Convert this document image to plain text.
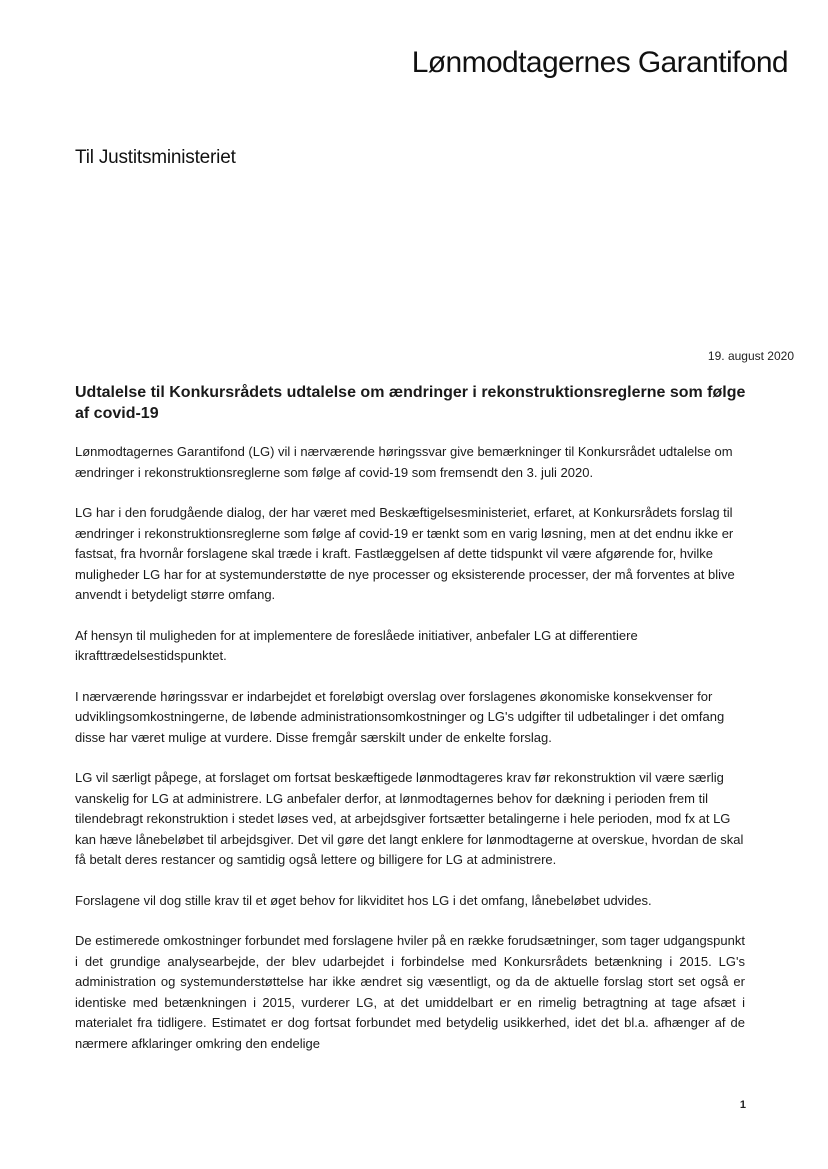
Lønmodtagernes Garantifond
Til Justitsministeriet
19. august 2020
Udtalelse til Konkursrådets udtalelse om ændringer i rekonstruktionsreglerne som følge af covid-19

Lønmodtagernes Garantifond (LG) vil i nærværende høringssvar give bemærkninger til Konkursrådet udtalelse om ændringer i rekonstruktionsreglerne som følge af covid-19 som fremsendt den 3. juli 2020.

LG har i den forudgående dialog, der har været med Beskæftigelsesministeriet, erfaret, at Konkursrådets forslag til ændringer i rekonstruktionsreglerne som følge af covid-19 er tænkt som en varig løsning, men at det endnu ikke er fastsat, fra hvornår forslagene skal træde i kraft. Fastlæggelsen af dette tidspunkt vil være afgørende for, hvilke muligheder LG har for at systemunderstøtte de nye processer og eksisterende processer, der må forventes at blive anvendt i betydeligt større omfang.

Af hensyn til muligheden for at implementere de foreslåede initiativer, anbefaler LG at differentiere ikrafttrædelsestidspunktet.

I nærværende høringssvar er indarbejdet et foreløbigt overslag over forslagenes økonomiske konsekvenser for udviklingsomkostningerne, de løbende administrationsomkostninger og LG's udgifter til udbetalinger i det omfang disse har været mulige at vurdere. Disse fremgår særskilt under de enkelte forslag.

LG vil særligt påpege, at forslaget om fortsat beskæftigede lønmodtageres krav før rekonstruktion vil være særlig vanskelig for LG at administrere. LG anbefaler derfor, at lønmodtagernes behov for dækning i perioden frem til tilendebragt rekonstruktion i stedet løses ved, at arbejdsgiver fortsætter betalingerne i hele perioden, mod fx at LG kan hæve lånebeløbet til arbejdsgiver. Det vil gøre det langt enklere for lønmodtagerne at overskue, hvordan de skal få betalt deres restancer og samtidig også lettere og billigere for LG at administrere.

Forslagene vil dog stille krav til et øget behov for likviditet hos LG i det omfang, lånebeløbet udvides.

De estimerede omkostninger forbundet med forslagene hviler på en række forudsætninger, som tager udgangspunkt i det grundige analysearbejde, der blev udarbejdet i forbindelse med Konkursrådets betænkning i 2015. LG's administration og systemunderstøttelse har ikke ændret sig væsentligt, og da de aktuelle forslag stort set også er identiske med betænkningen i 2015, vurderer LG, at det umiddelbart er en rimelig betragtning at tage afsæt i materialet fra tidligere. Estimatet er dog fortsat forbundet med betydelig usikkerhed, idet det bl.a. afhænger af de nærmere afklaringer omkring den endelige

1
